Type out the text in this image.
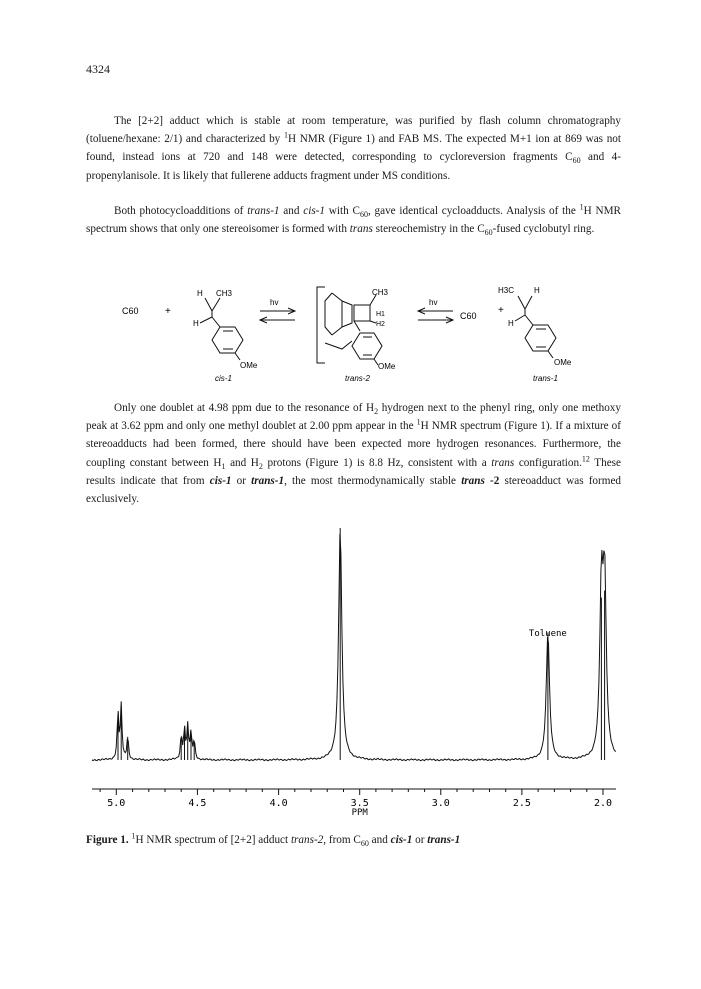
4324

The [2+2] adduct which is stable at room temperature, was purified by flash column chromatography (toluene/hexane: 2/1) and characterized by $^1$H NMR (Figure 1) and FAB MS. The expected M+1 ion at 869 was not found, instead ions at 720 and 148 were detected, corresponding to cycloreversion fragments $C_{60}$ and 4-propenylanisole. It is likely that fullerene adducts fragment under MS conditions.

Both photocycloadditions of trans-1 and cis-1 with $C_{60}$, gave identical cycloadducts. Analysis of the $^1$H NMR spectrum shows that only one stereoisomer is formed with trans stereochemistry in the $C_{60}$-fused cyclobutyl ring.

C60	+
H CH3
H
OMe
cis-1
hv
CH3
H1
H2
OMe
trans-2
hv
C60 +
H3C H
H
OMe
trans-1

Only one doublet at 4.98 ppm due to the resonance of $H_2$ hydrogen next to the phenyl ring, only one methoxy peak at 3.62 ppm and only one methyl doublet at 2.00 ppm appear in the $^1$H NMR spectrum (Figure 1). If a mixture of stereoadducts had been formed, there should have been expected more hydrogen resonances. Furthermore, the coupling constant between $H_1$ and $H_2$ protons (Figure 1) is 8.8 Hz, consistent with a trans configuration.$^{12}$ These results indicate that from cis-1 or trans-1, the most thermodynamically stable trans -2 stereoadduct was formed exclusively.

5.0	4.5	4.0	3.5	3.0	2.5	2.0
PPM
Toluene
Figure 1. $^1$H NMR spectrum of [2+2] adduct trans-2, from $C_{60}$ and cis-1 or trans-1
